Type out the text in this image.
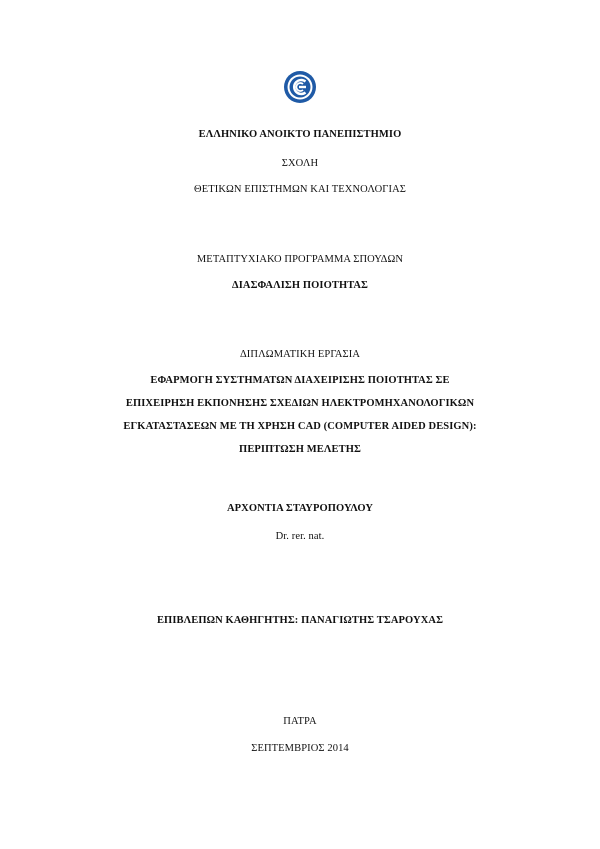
ΕΛΛΗΝΙΚΟ ΑΝΟΙΚΤΟ ΠΑΝΕΠΙΣΤΗΜΙΟ
ΣΧΟΛΗ
ΘΕΤΙΚΩΝ ΕΠΙΣΤΗΜΩΝ ΚΑΙ ΤΕΧΝΟΛΟΓΙΑΣ
ΜΕΤΑΠΤΥΧΙΑΚΟ ΠΡΟΓΡΑΜΜΑ ΣΠΟΥΔΩΝ
ΔΙΑΣΦΑΛΙΣΗ ΠΟΙΟΤΗΤΑΣ
ΔΙΠΛΩΜΑΤΙΚΗ ΕΡΓΑΣΙΑ
ΕΦΑΡΜΟΓΗ ΣΥΣΤΗΜΑΤΩΝ ΔΙΑΧΕΙΡΙΣΗΣ ΠΟΙΟΤΗΤΑΣ ΣΕ
ΕΠΙΧΕΙΡΗΣΗ ΕΚΠΟΝΗΣΗΣ ΣΧΕΔΙΩΝ ΗΛΕΚΤΡΟΜΗΧΑΝΟΛΟΓΙΚΩΝ
ΕΓΚΑΤΑΣΤΑΣΕΩΝ ΜΕ ΤΗ ΧΡΗΣΗ CAD (COMPUTER AIDED DESIGN):
ΠΕΡΙΠΤΩΣΗ ΜΕΛΕΤΗΣ
ΑΡΧΟΝΤΙΑ ΣΤΑΥΡΟΠΟΥΛΟΥ
Dr. rer. nat.
ΕΠΙΒΛΕΠΩΝ ΚΑΘΗΓΗΤΗΣ: ΠΑΝΑΓΙΩΤΗΣ ΤΣΑΡΟΥΧΑΣ
ΠΑΤΡΑ
ΣΕΠΤΕΜΒΡΙΟΣ 2014
